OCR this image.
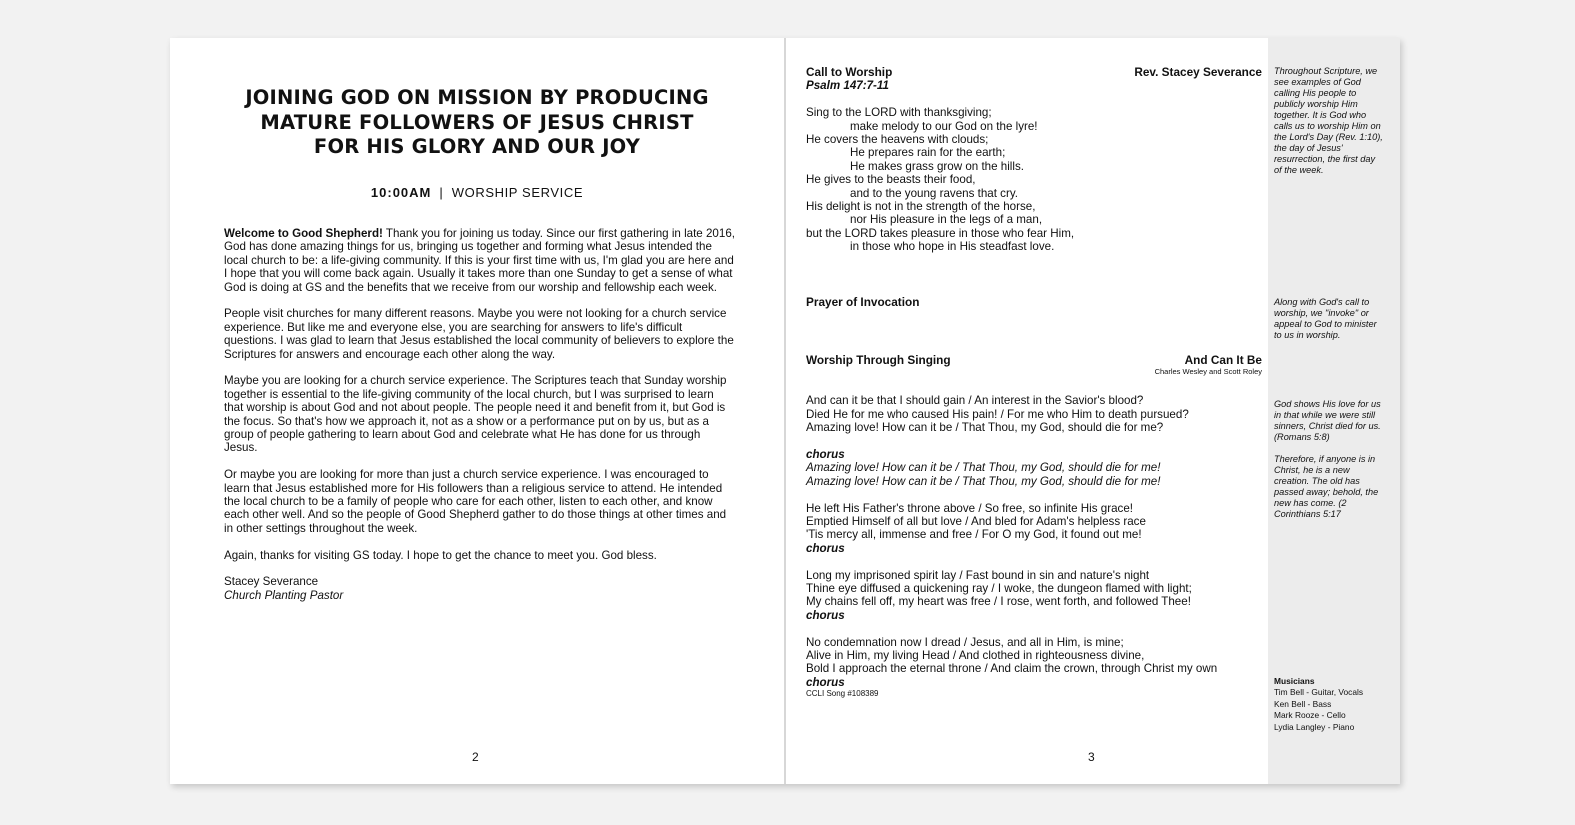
JOINING GOD ON MISSION BY PRODUCING
MATURE FOLLOWERS OF JESUS CHRIST
FOR HIS GLORY AND OUR JOY
10:00AM | WORSHIP SERVICE

Welcome to Good Shepherd! Thank you for joining us today. Since our first gathering in late 2016, God has done amazing things for us, bringing us together and forming what Jesus intended the local church to be: a life-giving community. If this is your first time with us, I'm glad you are here and I hope that you will come back again. Usually it takes more than one Sunday to get a sense of what God is doing at GS and the benefits that we receive from our worship and fellowship each week.

People visit churches for many different reasons. Maybe you were not looking for a church service experience. But like me and everyone else, you are searching for answers to life's difficult questions. I was glad to learn that Jesus established the local community of believers to explore the Scriptures for answers and encourage each other along the way.

Maybe you are looking for a church service experience. The Scriptures teach that Sunday worship together is essential to the life-giving community of the local church, but I was surprised to learn that worship is about God and not about people. The people need it and benefit from it, but God is the focus. So that's how we approach it, not as a show or a performance put on by us, but as a group of people gathering to learn about God and celebrate what He has done for us through Jesus.

Or maybe you are looking for more than just a church service experience. I was encouraged to learn that Jesus established more for His followers than a religious service to attend. He intended the local church to be a family of people who care for each other, listen to each other, and know each other well. And so the people of Good Shepherd gather to do those things at other times and in other settings throughout the week.

Again, thanks for visiting GS today. I hope to get the chance to meet you. God bless.

Stacey Severance
Church Planting Pastor
2
Call to Worship	Rev. Stacey Severance
Psalm 147:7-11
Sing to the LORD with thanksgiving;
make melody to our God on the lyre!
He covers the heavens with clouds;
He prepares rain for the earth;
He makes grass grow on the hills.
He gives to the beasts their food,
and to the young ravens that cry.
His delight is not in the strength of the horse,
nor His pleasure in the legs of a man,
but the LORD takes pleasure in those who fear Him,
in those who hope in His steadfast love.
Prayer of Invocation
Worship Through Singing	And Can It Be
Charles Wesley and Scott Roley
And can it be that I should gain / An interest in the Savior's blood?
Died He for me who caused His pain! / For me who Him to death pursued?
Amazing love! How can it be / That Thou, my God, should die for me?
chorus
Amazing love! How can it be / That Thou, my God, should die for me!
Amazing love! How can it be / That Thou, my God, should die for me!
He left His Father's throne above / So free, so infinite His grace!
Emptied Himself of all but love / And bled for Adam's helpless race
'Tis mercy all, immense and free / For O my God, it found out me!
chorus
Long my imprisoned spirit lay / Fast bound in sin and nature's night
Thine eye diffused a quickening ray / I woke, the dungeon flamed with light;
My chains fell off, my heart was free / I rose, went forth, and followed Thee!
chorus
No condemnation now I dread / Jesus, and all in Him, is mine;
Alive in Him, my living Head / And clothed in righteousness divine,
Bold I approach the eternal throne / And claim the crown, through Christ my own
chorus
CCLI Song #108389

Throughout Scripture, we see examples of God calling His people to publicly worship Him together. It is God who calls us to worship Him on the Lord's Day (Rev. 1:10), the day of Jesus' resurrection, the first day of the week.

Along with God's call to worship, we "invoke" or appeal to God to minister to us in worship.

God shows His love for us in that while we were still sinners, Christ died for us. (Romans 5:8)

Therefore, if anyone is in Christ, he is a new creation. The old has passed away; behold, the new has come. (2 Corinthians 5:17

Musicians
Tim Bell - Guitar, Vocals
Ken Bell - Bass
Mark Rooze - Cello
Lydia Langley - Piano
3
